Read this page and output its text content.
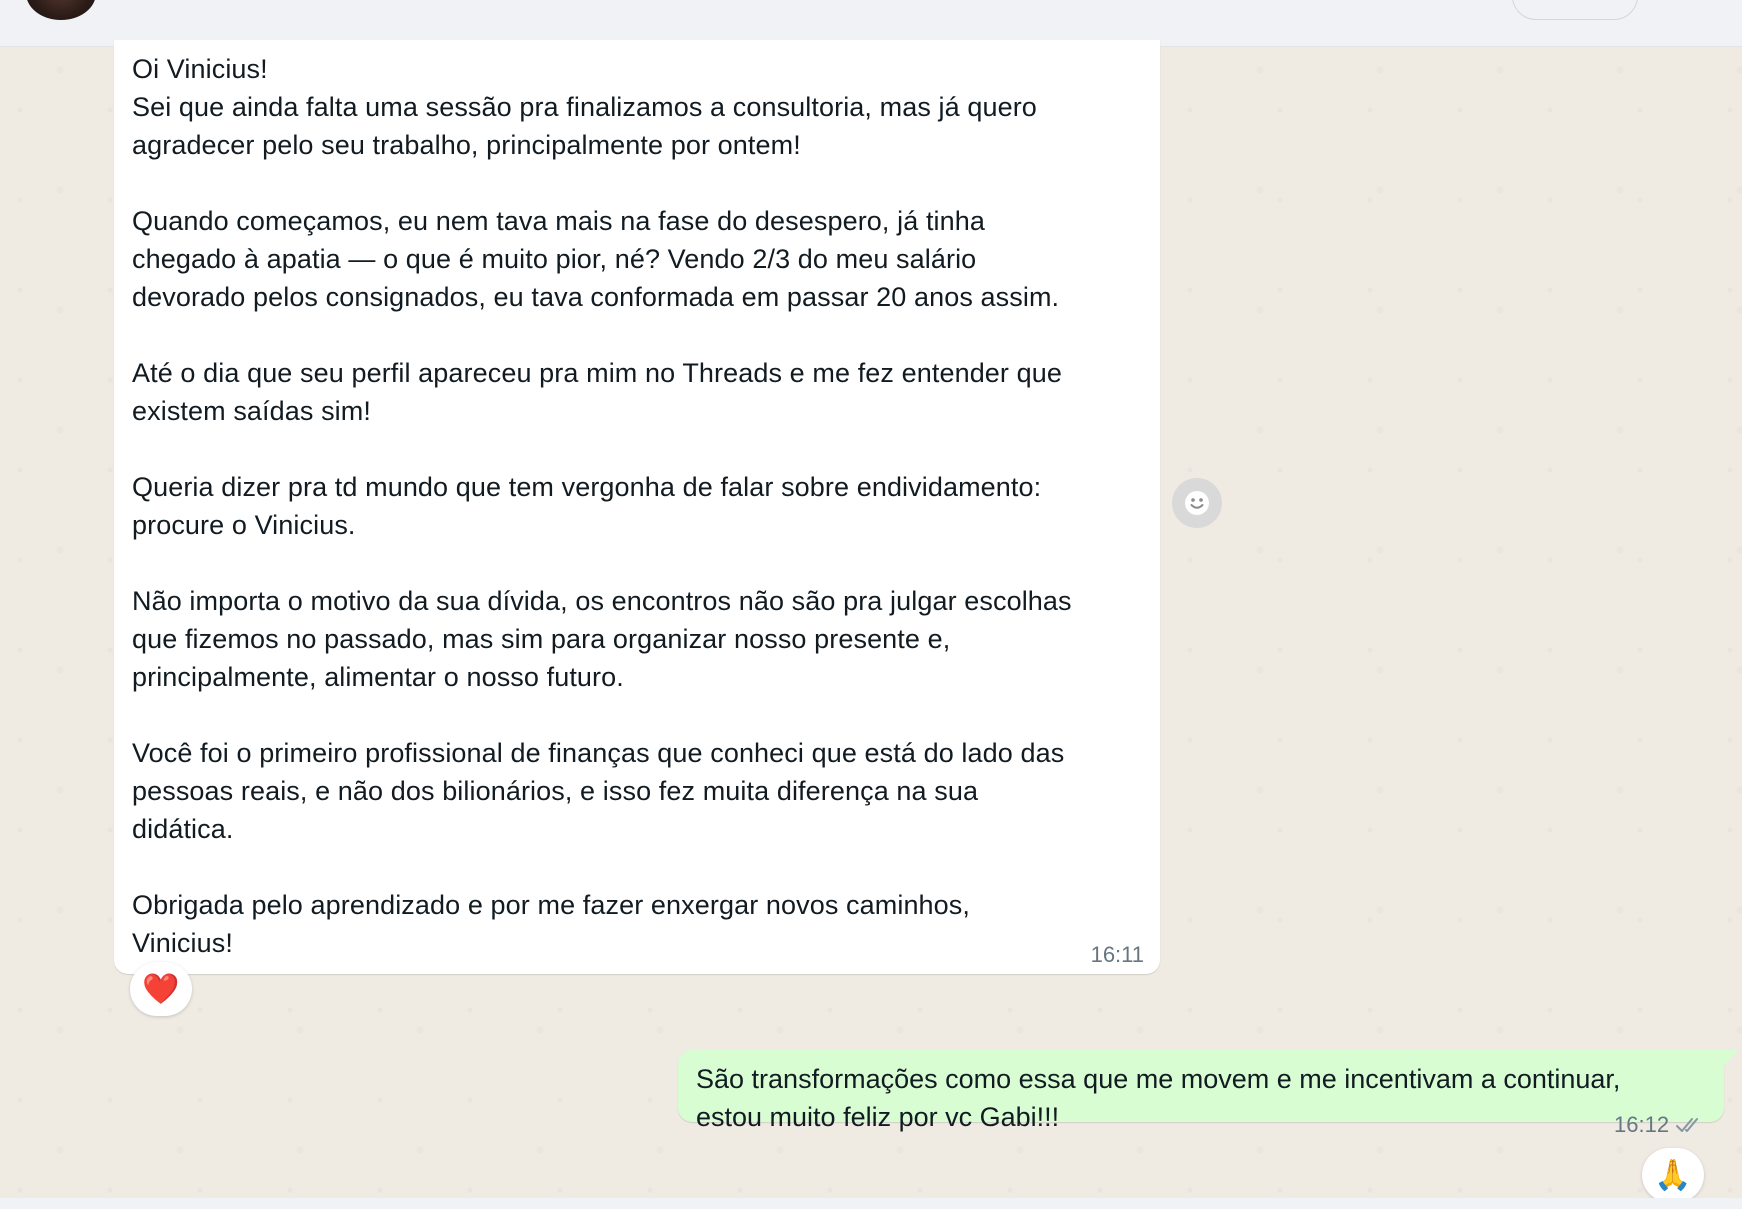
Oi Vinicius!
Sei que ainda falta uma sessão pra finalizamos a consultoria, mas já quero
agradecer pelo seu trabalho, principalmente por ontem!

Quando começamos, eu nem tava mais na fase do desespero, já tinha
chegado à apatia — o que é muito pior, né? Vendo 2/3 do meu salário
devorado pelos consignados, eu tava conformada em passar 20 anos assim.

Até o dia que seu perfil apareceu pra mim no Threads e me fez entender que
existem saídas sim!

Queria dizer pra td mundo que tem vergonha de falar sobre endividamento:
procure o Vinicius.

Não importa o motivo da sua dívida, os encontros não são pra julgar escolhas
que fizemos no passado, mas sim para organizar nosso presente e,
principalmente, alimentar o nosso futuro.

Você foi o primeiro profissional de finanças que conheci que está do lado das
pessoas reais, e não dos bilionários, e isso fez muita diferença na sua
didática.

Obrigada pelo aprendizado e por me fazer enxergar novos caminhos,
Vinicius!	16:11
❤️
São transformações como essa que me movem e me incentivam a continuar,
estou muito feliz por vc Gabi!!!	16:12
🙏
